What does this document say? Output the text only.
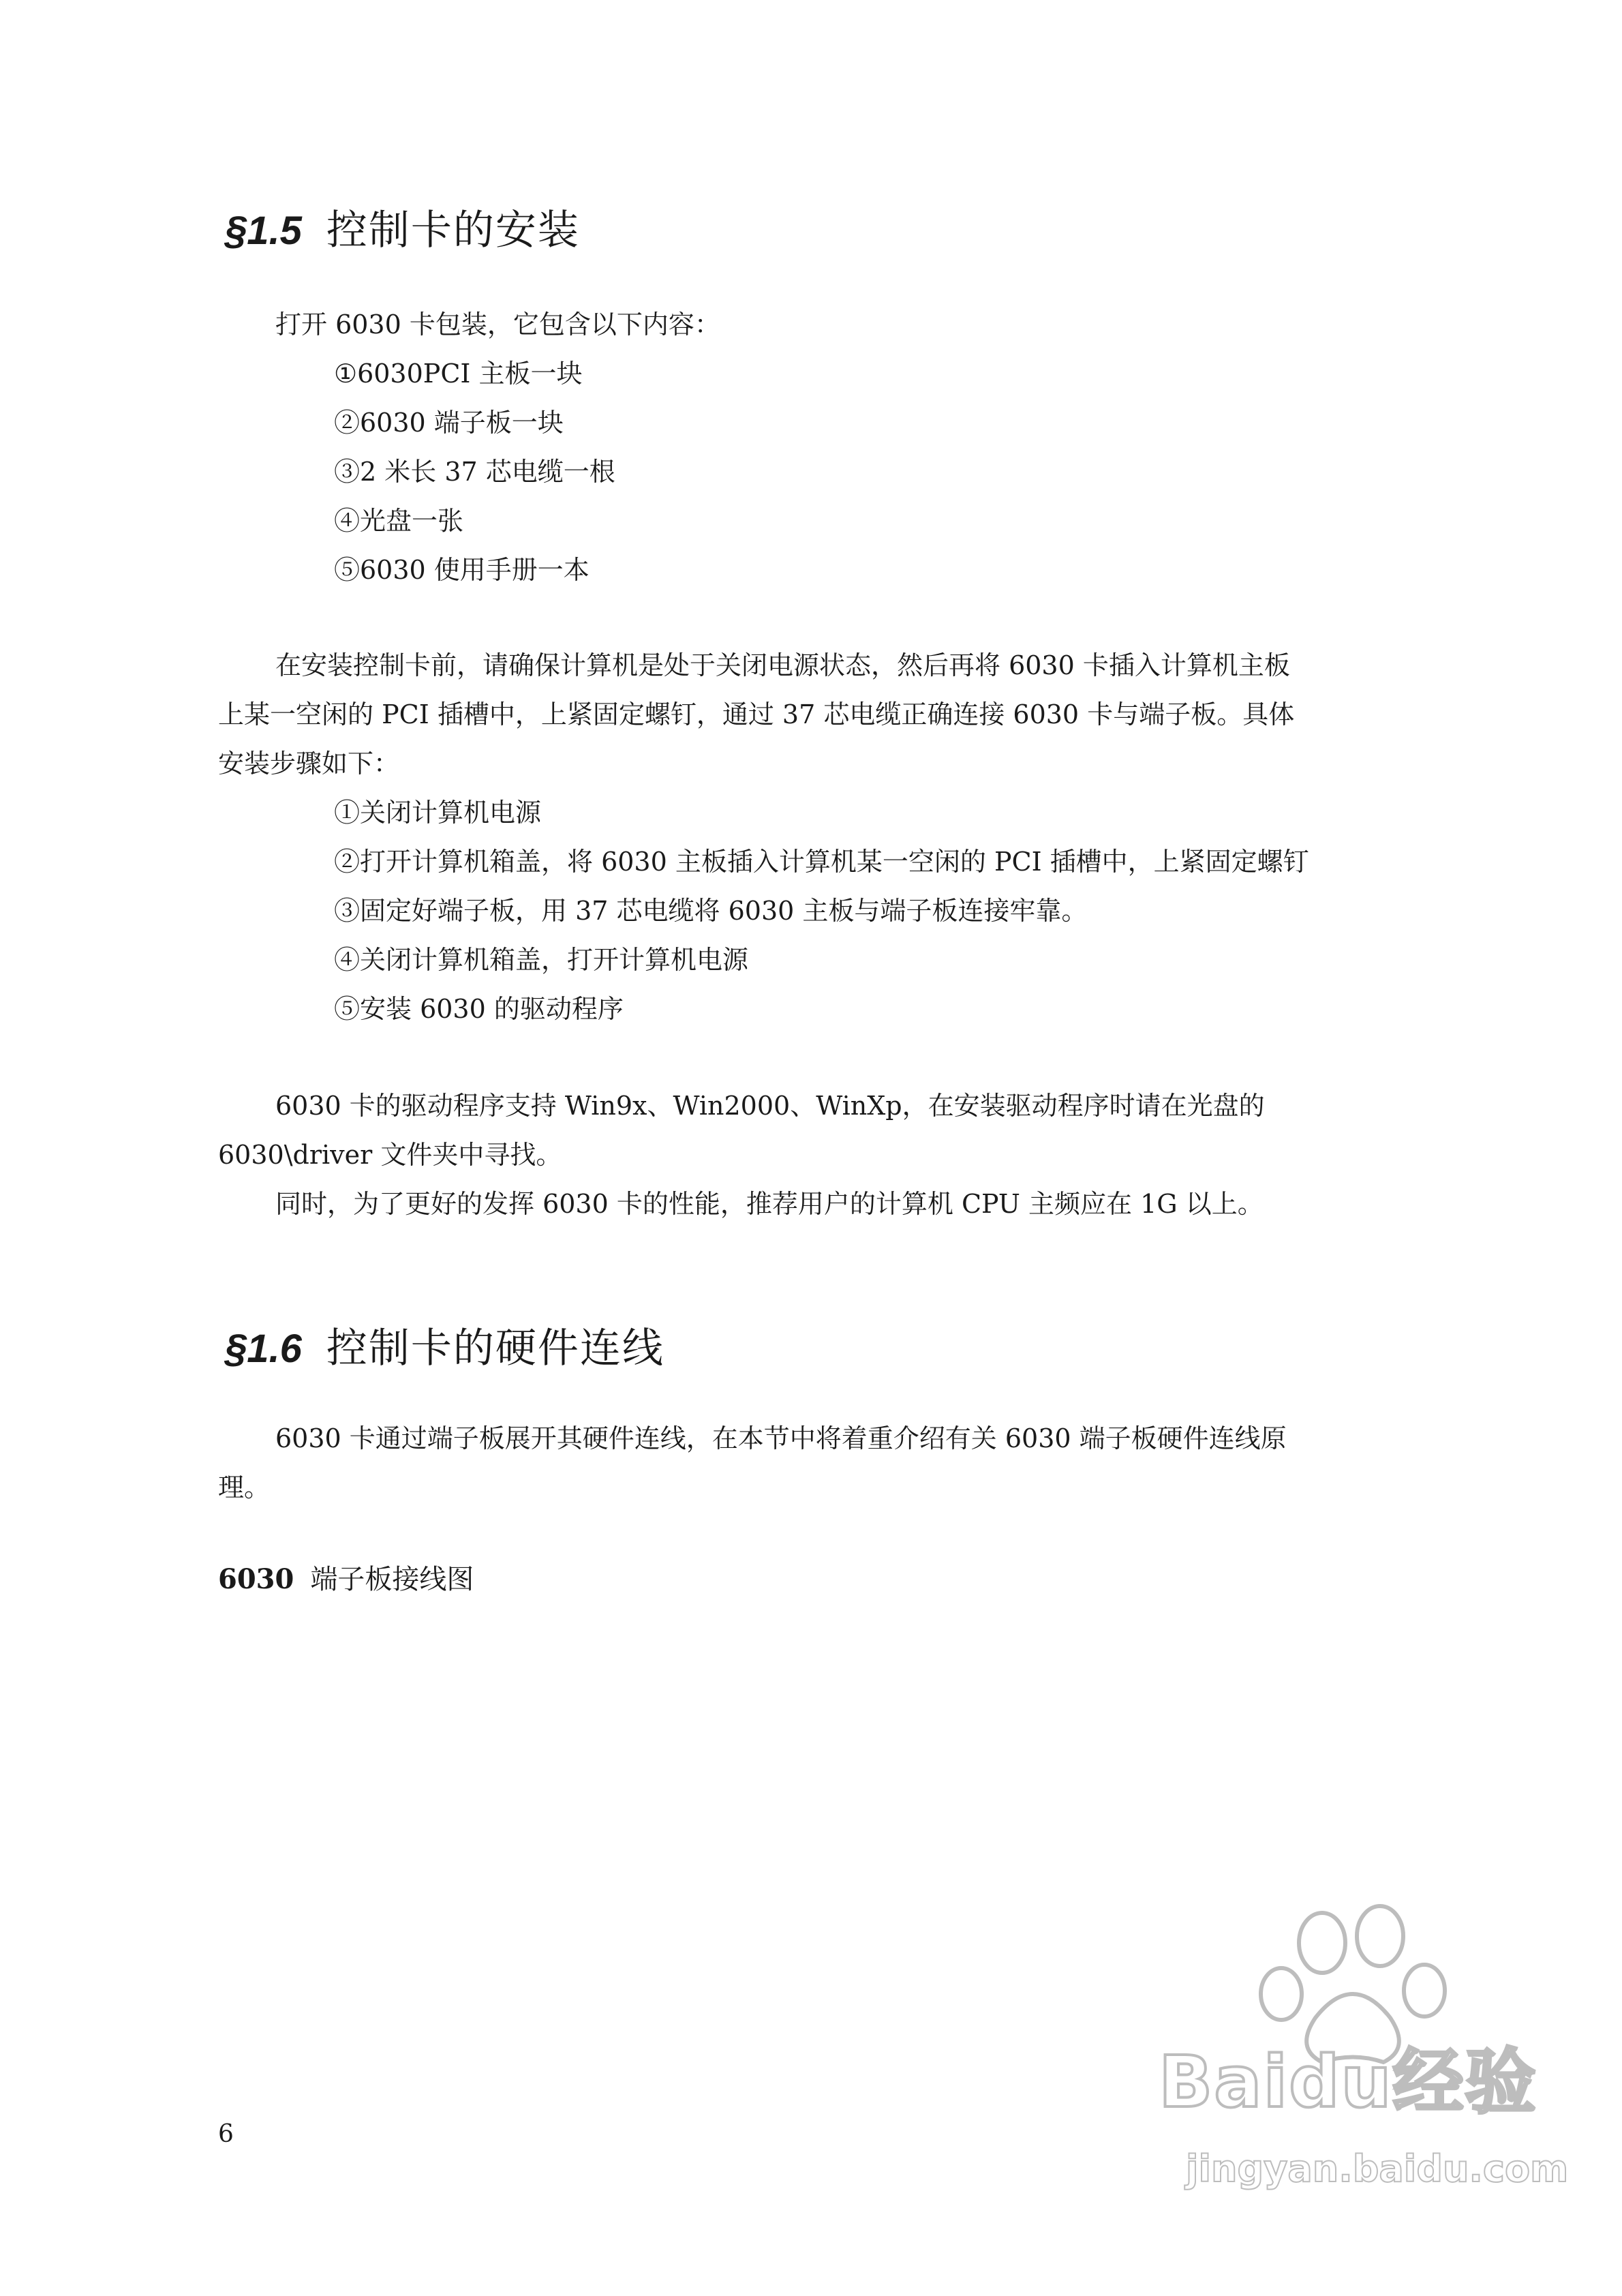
§1.5 控制卡的安装

打开 6030 卡包装，它包含以下内容：

①6030PCI 主板一块
②6030 端子板一块
③2 米长 37 芯电缆一根
④光盘一张
⑤6030 使用手册一本

在安装控制卡前，请确保计算机是处于关闭电源状态，然后再将 6030 卡插入计算机主板
上某一空闲的 PCI 插槽中，上紧固定螺钉，通过 37 芯电缆正确连接 6030 卡与端子板。具体
安装步骤如下：

①关闭计算机电源
②打开计算机箱盖，将 6030 主板插入计算机某一空闲的 PCI 插槽中，上紧固定螺钉
③固定好端子板，用 37 芯电缆将 6030 主板与端子板连接牢靠。
④关闭计算机箱盖，打开计算机电源
⑤安装 6030 的驱动程序

6030 卡的驱动程序支持 Win9x、Win2000、WinXp，在安装驱动程序时请在光盘的
6030\driver 文件夹中寻找。
同时，为了更好的发挥 6030 卡的性能，推荐用户的计算机 CPU 主频应在 1G 以上。

§1.6 控制卡的硬件连线

6030 卡通过端子板展开其硬件连线，在本节中将着重介绍有关 6030 端子板硬件连线原
理。

6030 端子板接线图
6
Baidu经验
jingyan.baidu.com
